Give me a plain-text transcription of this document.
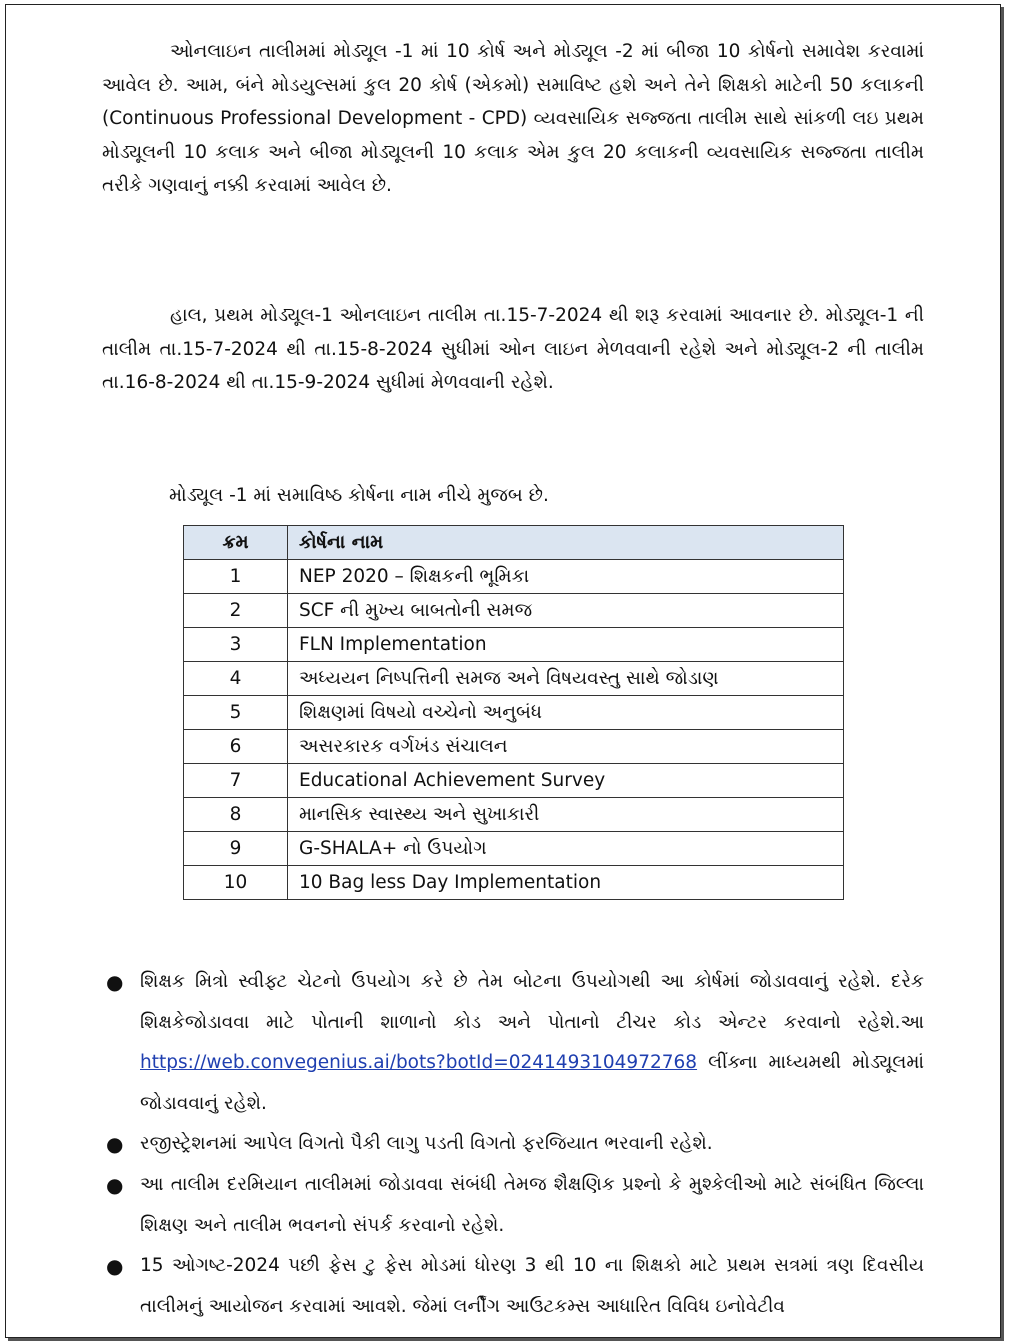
ઓનલાઇન તાલીમમાં મોડ્યૂલ -1 માં 10 કોર્ષ અને મોડ્યૂલ -2 માં બીજા 10 કોર્ષનો સમાવેશ કરવામાં આવેલ છે. આમ, બંને મોડયુલ્સમાં કુલ 20 કોર્ષ (એકમો) સમાવિષ્ટ હશે અને તેને શિક્ષકો માટેની 50 કલાકની (Continuous Professional Development - CPD) વ્યવસાયિક સજ્જતા તાલીમ સાથે સાંકળી લઇ પ્રથમ મોડ્યૂલની 10 કલાક અને બીજા મોડ્યૂલની 10 કલાક એમ કુલ 20 કલાકની વ્યવસાયિક સજ્જતા તાલીમ તરીકે ગણવાનું નક્કી કરવામાં આવેલ છે.

હાલ, પ્રથમ મોડ્યૂલ-1 ઓનલાઇન તાલીમ તા.15-7-2024 થી શરૂ કરવામાં આવનાર છે. મોડ્યૂલ-1 ની તાલીમ તા.15-7-2024 થી તા.15-8-2024 સુધીમાં ઓન લાઇન મેળવવાની રહેશે અને મોડ્યૂલ-2 ની તાલીમ તા.16-8-2024 થી તા.15-9-2024 સુધીમાં મેળવવાની રહેશે.

મોડ્યૂલ -1 માં સમાવિષ્ઠ કોર્ષના નામ નીચે મુજબ છે.

ક્રમ	કોર્ષના નામ
1	NEP 2020 – શિક્ષકની ભૂમિકા
2	SCF ની મુખ્ય બાબતોની સમજ
3	FLN Implementation
4	અધ્યયન નિષ્પત્તિની સમજ અને વિષયવસ્તુ સાથે જોડાણ
5	શિક્ષણમાં વિષયો વચ્ચેનો અનુબંધ
6	અસરકારક વર્ગખંડ સંચાલન
7	Educational Achievement Survey
8	માનસિક સ્વાસ્થ્ય અને સુખાકારી
9	G-SHALA+ નો ઉપયોગ
10	10 Bag less Day Implementation
● શિક્ષક મિત્રો સ્વીફ્ટ ચેટનો ઉપયોગ કરે છે તેમ બોટના ઉપયોગથી આ કોર્ષમાં જોડાવવાનું રહેશે. દરેક શિક્ષકેજોડાવવા માટે પોતાની શાળાનો કોડ અને પોતાનો ટીચર કોડ એન્ટર કરવાનો રહેશે.આ https://web.convegenius.ai/bots?botId=0241493104972768 લીંક્ના માધ્યમથી મોડ્યૂલમાં જોડાવવાનું રહેશે.
● રજીસ્ટ્રેશનમાં આપેલ વિગતો પૈકી લાગુ પડતી વિગતો ફરજિયાત ભરવાની રહેશે.
● આ તાલીમ દરમિયાન તાલીમમાં જોડાવવા સંબંધી તેમજ શૈક્ષણિક પ્રશ્નો કે મુશ્કેલીઓ માટે સંબંધિત જિલ્લા શિક્ષણ અને તાલીમ ભવનનો સંપર્ક કરવાનો રહેશે.
● 15 ઓગષ્ટ-2024 પછી ફેસ ટુ ફેસ મોડમાં ધોરણ 3 થી 10 ના શિક્ષકો માટે પ્રથમ સત્રમાં ત્રણ દિવસીય તાલીમનું આયોજન કરવામાં આવશે. જેમાં લર્નીંગ આઉટકમ્સ આધારિત વિવિધ ઇનોવેટીવ
